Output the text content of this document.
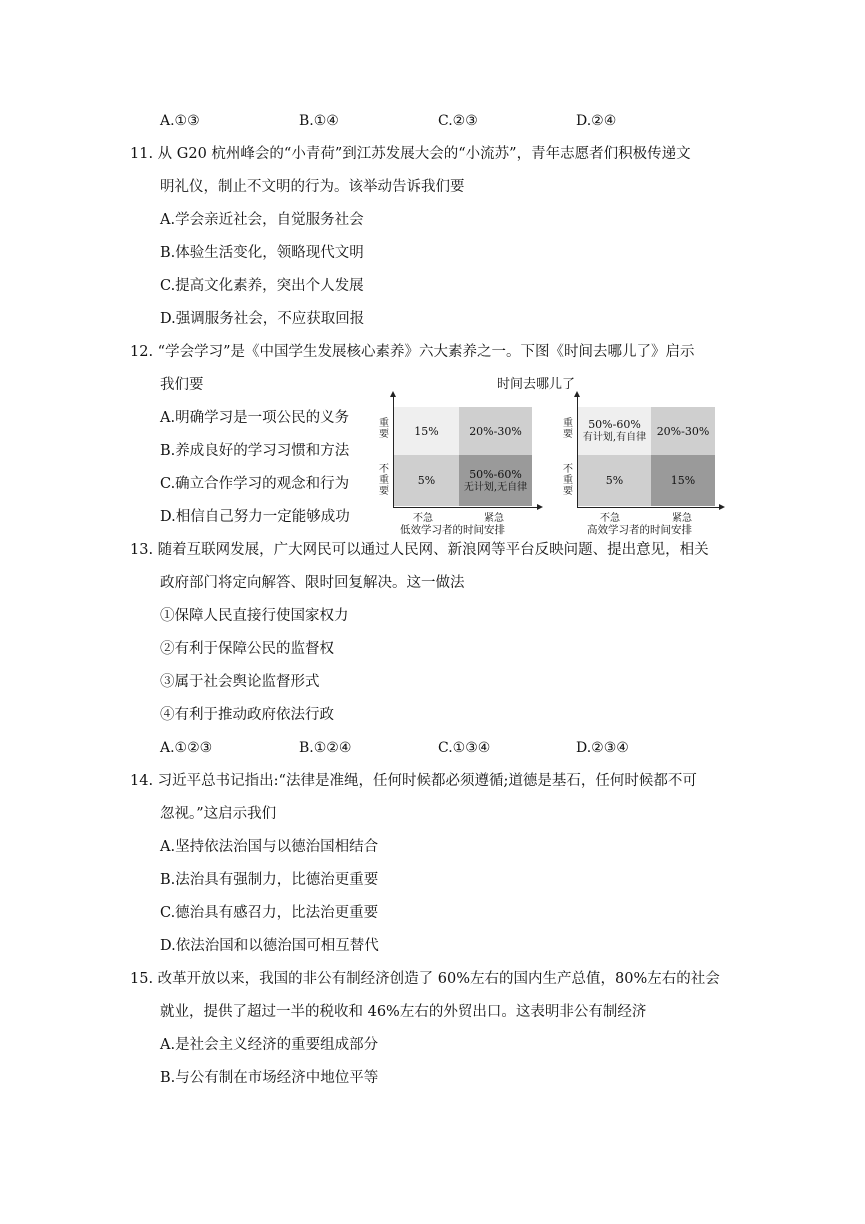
A.①③	B.①④	C.②③	D.②④
11. 从 G20 杭州峰会的“小青荷”到江苏发展大会的“小流苏”，青年志愿者们积极传递文
明礼仪，制止不文明的行为。该举动告诉我们要
A.学会亲近社会，自觉服务社会
B.体验生活变化，领略现代文明
C.提高文化素养，突出个人发展
D.强调服务社会，不应获取回报
12. “学会学习”是《中国学生发展核心素养》六大素养之一。下图《时间去哪儿了》启示
我们要
A.明确学习是一项公民的义务
B.养成良好的学习习惯和方法
C.确立合作学习的观念和行为
D.相信自己努力一定能够成功
时间去哪儿了
15%	20%-30%
5%	50%-60%
无计划,无自律
重
要
不
重
要
不急	紧急
低效学习者的时间安排
50%-60%
有计划,有自律 20%-30%
5%	15%
重
要
不
重
要
不急	紧急
高效学习者的时间安排
13. 随着互联网发展，广大网民可以通过人民网、新浪网等平台反映问题、提出意见，相关
政府部门将定向解答、限时回复解决。这一做法
①保障人民直接行使国家权力
②有利于保障公民的监督权
③属于社会舆论监督形式
④有利于推动政府依法行政
A.①②③	B.①②④	C.①③④	D.②③④
14. 习近平总书记指出:“法律是准绳，任何时候都必须遵循;道德是基石，任何时候都不可
忽视。”这启示我们
A.坚持依法治国与以德治国相结合
B.法治具有强制力，比德治更重要
C.德治具有感召力，比法治更重要
D.依法治国和以德治国可相互替代
15. 改革开放以来，我国的非公有制经济创造了 60%左右的国内生产总值，80%左右的社会
就业，提供了超过一半的税收和 46%左右的外贸出口。这表明非公有制经济
A.是社会主义经济的重要组成部分
B.与公有制在市场经济中地位平等
